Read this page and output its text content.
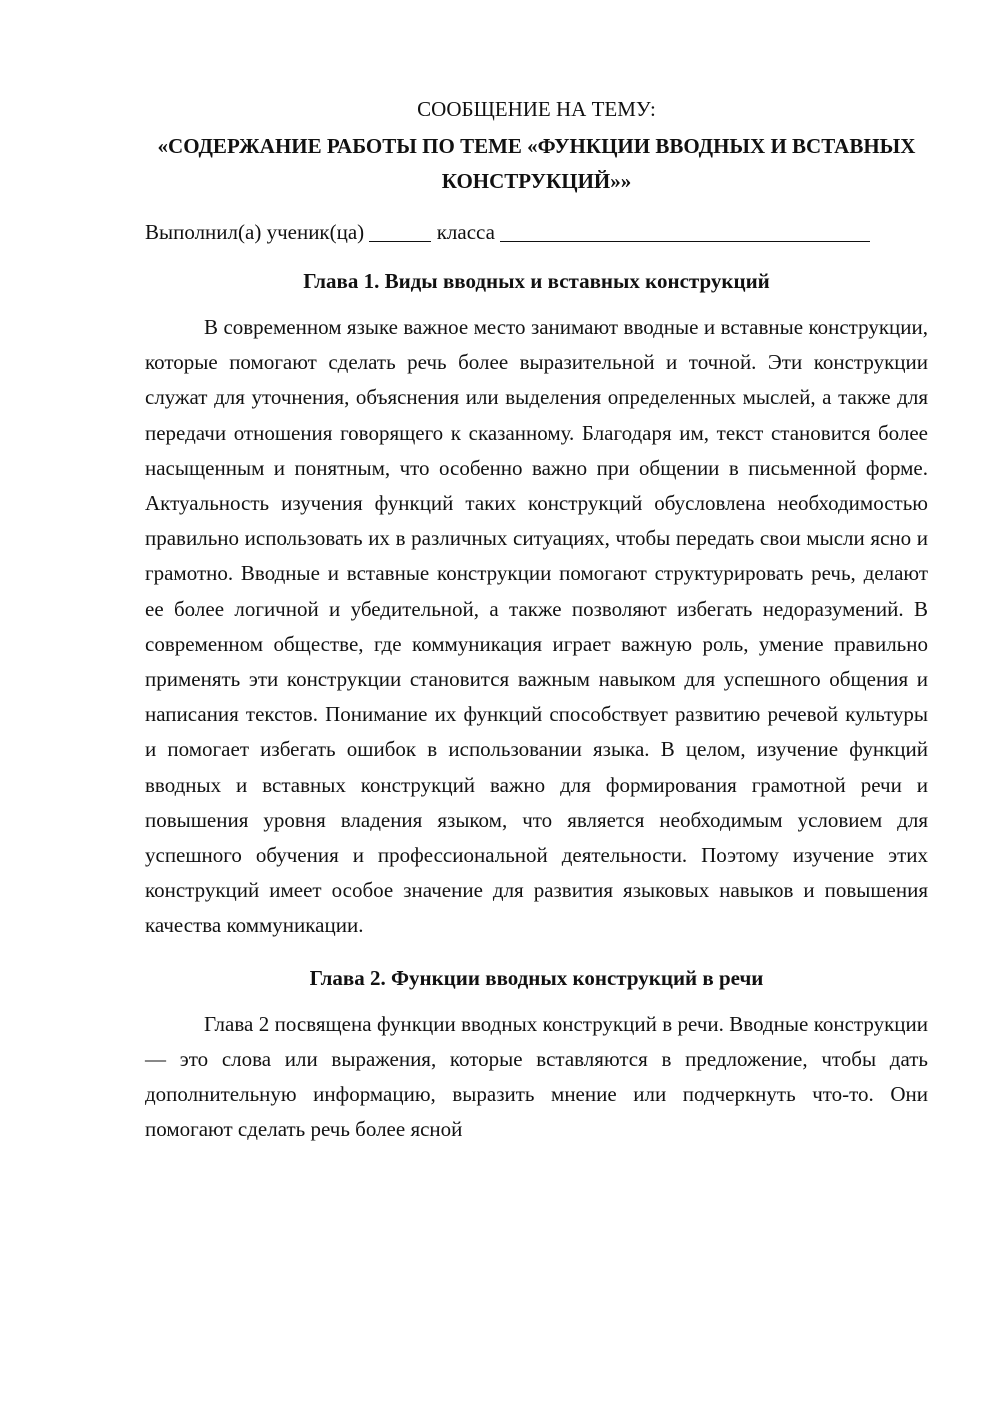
СООБЩЕНИЕ НА ТЕМУ:

«СОДЕРЖАНИЕ РАБОТЫ ПО ТЕМЕ «ФУНКЦИИ ВВОДНЫХ И ВСТАВНЫХ КОНСТРУКЦИЙ»»

Выполнил(а) ученик(ца)	класса

Глава 1. Виды вводных и вставных конструкций

В современном языке важное место занимают вводные и вставные конструкции, которые помогают сделать речь более выразительной и точной. Эти конструкции служат для уточнения, объяснения или выделения определенных мыслей, а также для передачи отношения говорящего к сказанному. Благодаря им, текст становится более насыщенным и понятным, что особенно важно при общении в письменной форме. Актуальность изучения функций таких конструкций обусловлена необходимостью правильно использовать их в различных ситуациях, чтобы передать свои мысли ясно и грамотно. Вводные и вставные конструкции помогают структурировать речь, делают ее более логичной и убедительной, а также позволяют избегать недоразумений. В современном обществе, где коммуникация играет важную роль, умение правильно применять эти конструкции становится важным навыком для успешного общения и написания текстов. Понимание их функций способствует развитию речевой культуры и помогает избегать ошибок в использовании языка. В целом, изучение функций вводных и вставных конструкций важно для формирования грамотной речи и повышения уровня владения языком, что является необходимым условием для успешного обучения и профессиональной деятельности. Поэтому изучение этих конструкций имеет особое значение для развития языковых навыков и повышения качества коммуникации.

Глава 2. Функции вводных конструкций в речи

Глава 2 посвящена функции вводных конструкций в речи. Вводные конструкции — это слова или выражения, которые вставляются в предложение, чтобы дать дополнительную информацию, выразить мнение или подчеркнуть что-то. Они помогают сделать речь более ясной
